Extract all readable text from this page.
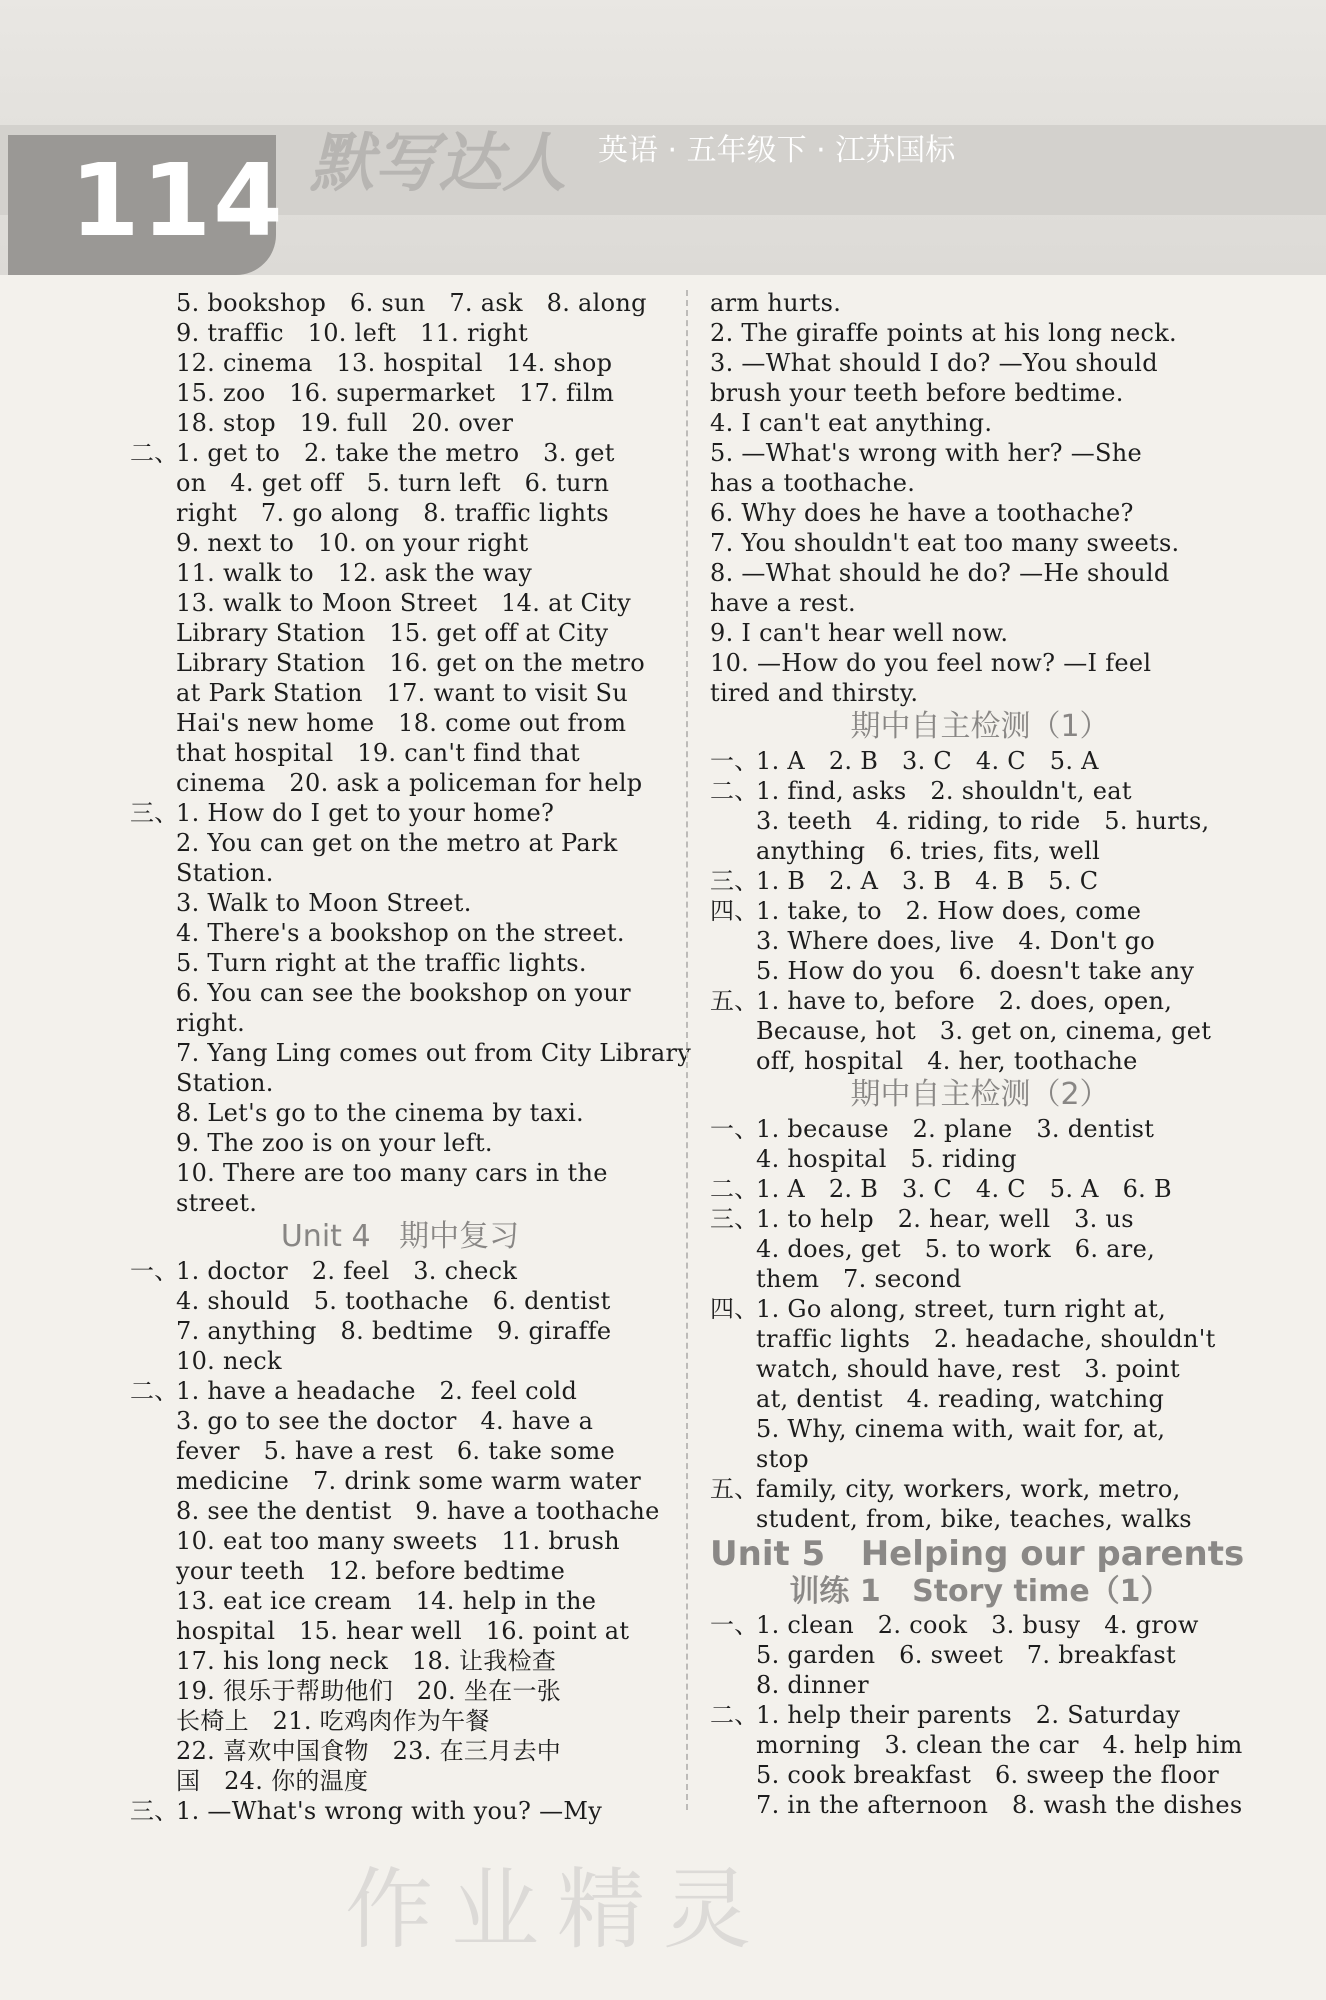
114 默写达人 英语 · 五年级下 · 江苏国标
5. bookshop   6. sun   7. ask   8. along
9. traffic   10. left   11. right
12. cinema   13. hospital   14. shop
15. zoo   16. supermarket   17. film
18. stop   19. full   20. over
二、
1. get to   2. take the metro   3. get
on   4. get off   5. turn left   6. turn
right   7. go along   8. traffic lights
9. next to   10. on your right
11. walk to   12. ask the way
13. walk to Moon Street   14. at City
Library Station   15. get off at City
Library Station   16. get on the metro
at Park Station   17. want to visit Su
Hai's new home   18. come out from
that hospital   19. can't find that
cinema   20. ask a policeman for help
三、
1. How do I get to your home?
2. You can get on the metro at Park
Station.
3. Walk to Moon Street.
4. There's a bookshop on the street.
5. Turn right at the traffic lights.
6. You can see the bookshop on your
right.
7. Yang Ling comes out from City Library
Station.
8. Let's go to the cinema by taxi.
9. The zoo is on your left.
10. There are too many cars in the
street.
Unit 4   期中复习
一、
1. doctor   2. feel   3. check
4. should   5. toothache   6. dentist
7. anything   8. bedtime   9. giraffe
10. neck
二、
1. have a headache   2. feel cold
3. go to see the doctor   4. have a
fever   5. have a rest   6. take some
medicine   7. drink some warm water
8. see the dentist   9. have a toothache
10. eat too many sweets   11. brush
your teeth   12. before bedtime
13. eat ice cream   14. help in the
hospital   15. hear well   16. point at
17. his long neck   18. 让我检查
19. 很乐于帮助他们   20. 坐在一张
长椅上   21. 吃鸡肉作为午餐
22. 喜欢中国食物   23. 在三月去中
国   24. 你的温度
三、
1. —What's wrong with you? —My
arm hurts.
2. The giraffe points at his long neck.
3. —What should I do? —You should
brush your teeth before bedtime.
4. I can't eat anything.
5. —What's wrong with her? —She
has a toothache.
6. Why does he have a toothache?
7. You shouldn't eat too many sweets.
8. —What should he do? —He should
have a rest.
9. I can't hear well now.
10. —How do you feel now? —I feel
tired and thirsty.
期中自主检测（1）
一、
1. A   2. B   3. C   4. C   5. A
二、
1. find, asks   2. shouldn't, eat
3. teeth   4. riding, to ride   5. hurts,
anything   6. tries, fits, well
三、
1. B   2. A   3. B   4. B   5. C
四、
1. take, to   2. How does, come
3. Where does, live   4. Don't go
5. How do you   6. doesn't take any
五、
1. have to, before   2. does, open,
Because, hot   3. get on, cinema, get
off, hospital   4. her, toothache
期中自主检测（2）
一、
1. because   2. plane   3. dentist
4. hospital   5. riding
二、
1. A   2. B   3. C   4. C   5. A   6. B
三、
1. to help   2. hear, well   3. us
4. does, get   5. to work   6. are,
them   7. second
四、
1. Go along, street, turn right at,
traffic lights   2. headache, shouldn't
watch, should have, rest   3. point
at, dentist   4. reading, watching
5. Why, cinema with, wait for, at,
stop
五、
family, city, workers, work, metro,
student, from, bike, teaches, walks
Unit 5   Helping our parents
训练 1   Story time（1）
一、
1. clean   2. cook   3. busy   4. grow
5. garden   6. sweet   7. breakfast
8. dinner
二、
1. help their parents   2. Saturday
morning   3. clean the car   4. help him
5. cook breakfast   6. sweep the floor
7. in the afternoon   8. wash the dishes
作业精灵
